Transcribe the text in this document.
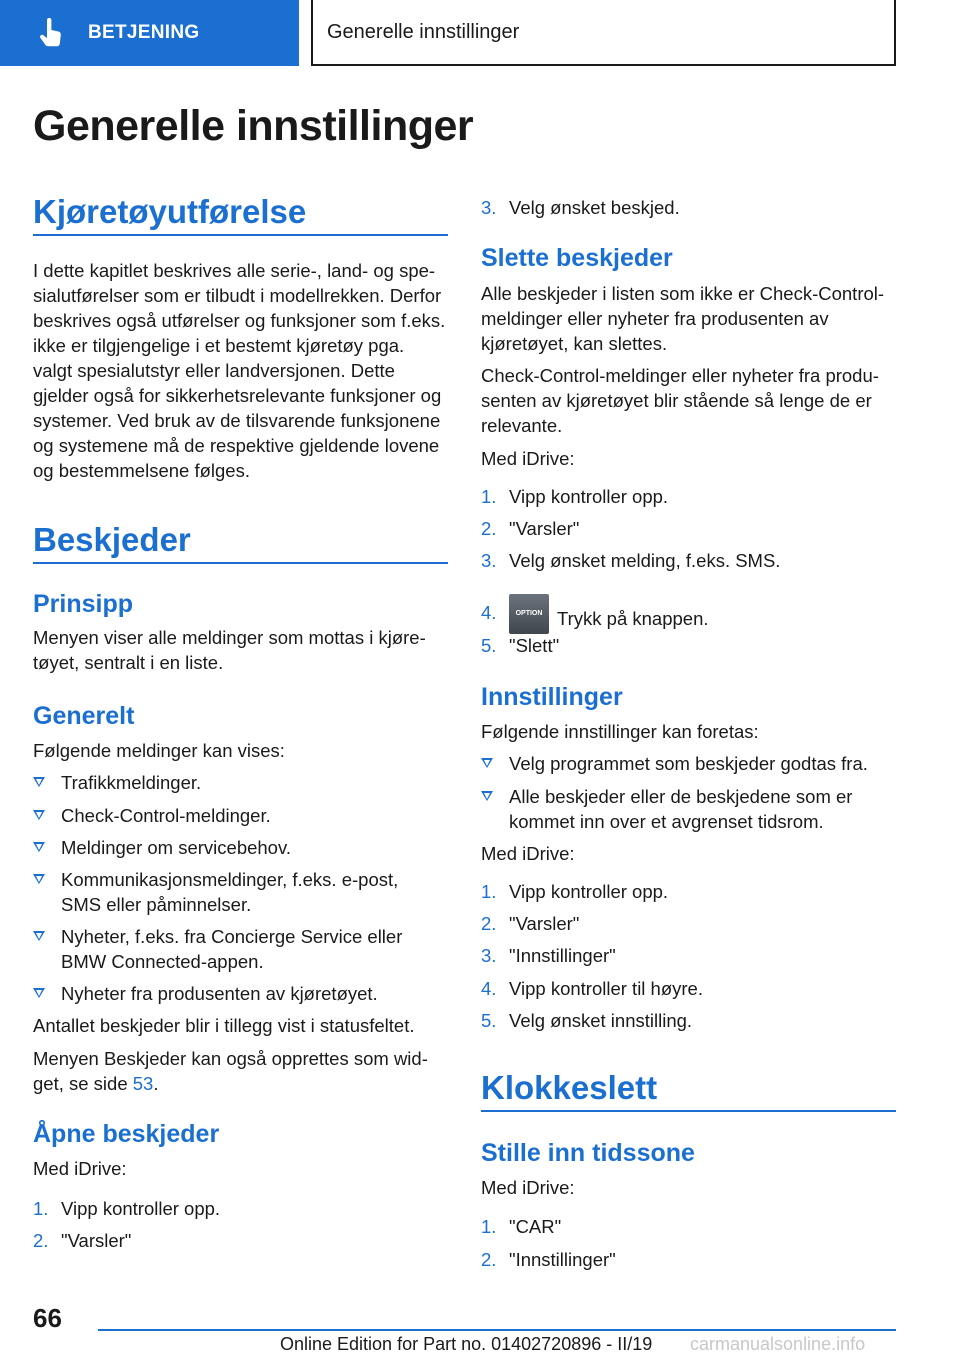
BETJENING	Generelle innstillinger
Generelle innstillinger
Kjøretøyutførelse
I dette kapitlet beskrives alle serie-, land- og spesialutførelser som er tilbudt i modellrekken. Derfor beskrives også utførelser og funksjoner som f.eks. ikke er tilgjengelige i et bestemt kjøretøy pga. valgt spesialutstyr eller landversjonen. Dette gjelder også for sikkerhetsrelevante funksjoner og systemer. Ved bruk av de tilsvarende funksjonene og systemene må de respektive gjeldende lovene og bestemmelsene følges.
Beskjeder
Prinsipp
Menyen viser alle meldinger som mottas i kjøretøyet, sentralt i en liste.
Generelt
Følgende meldinger kan vises:
Trafikkmeldinger.
Check-Control-meldinger.
Meldinger om servicebehov.
Kommunikasjonsmeldinger, f.eks. e-post, SMS eller påminnelser.
Nyheter, f.eks. fra Concierge Service eller BMW Connected-appen.
Nyheter fra produsenten av kjøretøyet.
Antallet beskjeder blir i tillegg vist i statusfeltet.
Menyen Beskjeder kan også opprettes som widget, se side 53.
Åpne beskjeder
Med iDrive:
1. Vipp kontroller opp.
2. "Varsler"
3. Velg ønsket beskjed.
Slette beskjeder
Alle beskjeder i listen som ikke er Check-Control-meldinger eller nyheter fra produsenten av kjøretøyet, kan slettes.
Check-Control-meldinger eller nyheter fra produsenten av kjøretøyet blir stående så lenge de er relevante.
Med iDrive:
1. Vipp kontroller opp.
2. "Varsler"
3. Velg ønsket melding, f.eks. SMS.
4.	OPTION Trykk på knappen.
5. "Slett"
Innstillinger
Følgende innstillinger kan foretas:
Velg programmet som beskjeder godtas fra.
Alle beskjeder eller de beskjedene som er kommet inn over et avgrenset tidsrom.
Med iDrive:
1. Vipp kontroller opp.
2. "Varsler"
3. "Innstillinger"
4. Vipp kontroller til høyre.
5. Velg ønsket innstilling.
Klokkeslett
Stille inn tidssone
Med iDrive:
1. "CAR"
2. "Innstillinger"
66
Online Edition for Part no. 01402720896 - II/19 carmanualsonline.info
